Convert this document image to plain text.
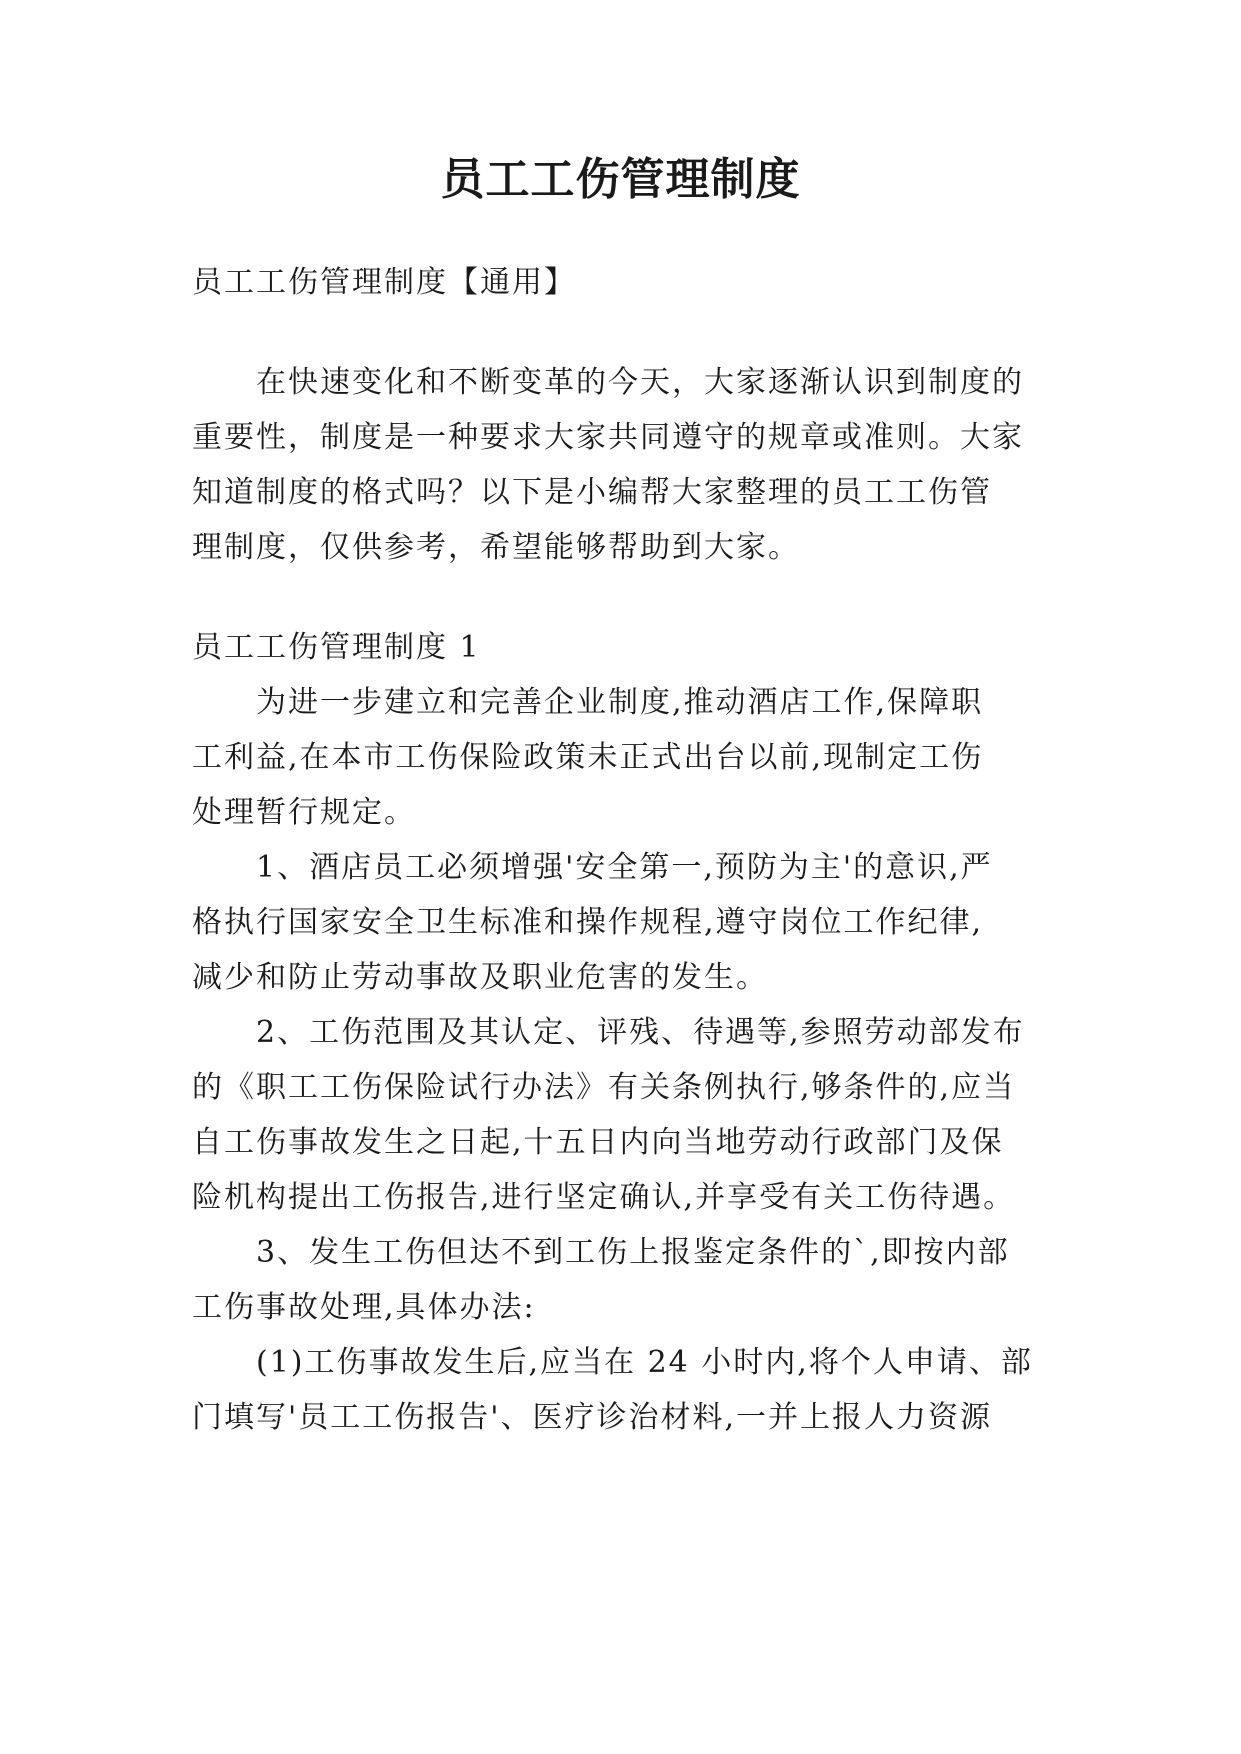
员工工伤管理制度
员工工伤管理制度【通用】
　　在快速变化和不断变革的今天，大家逐渐认识到制度的
重要性，制度是一种要求大家共同遵守的规章或准则。大家
知道制度的格式吗？以下是小编帮大家整理的员工工伤管
理制度，仅供参考，希望能够帮助到大家。
员工工伤管理制度 1
　　为进一步建立和完善企业制度,推动酒店工作,保障职
工利益,在本市工伤保险政策未正式出台以前,现制定工伤
处理暂行规定。
　　1、酒店员工必须增强'安全第一,预防为主'的意识,严
格执行国家安全卫生标准和操作规程,遵守岗位工作纪律,
减少和防止劳动事故及职业危害的发生。
　　2、工伤范围及其认定、评残、待遇等,参照劳动部发布
的《职工工伤保险试行办法》有关条例执行,够条件的,应当
自工伤事故发生之日起,十五日内向当地劳动行政部门及保
险机构提出工伤报告,进行坚定确认,并享受有关工伤待遇。
　　3、发生工伤但达不到工伤上报鉴定条件的`,即按内部
工伤事故处理,具体办法:
　　(1)工伤事故发生后,应当在 24 小时内,将个人申请、部
门填写'员工工伤报告'、医疗诊治材料,一并上报人力资源
